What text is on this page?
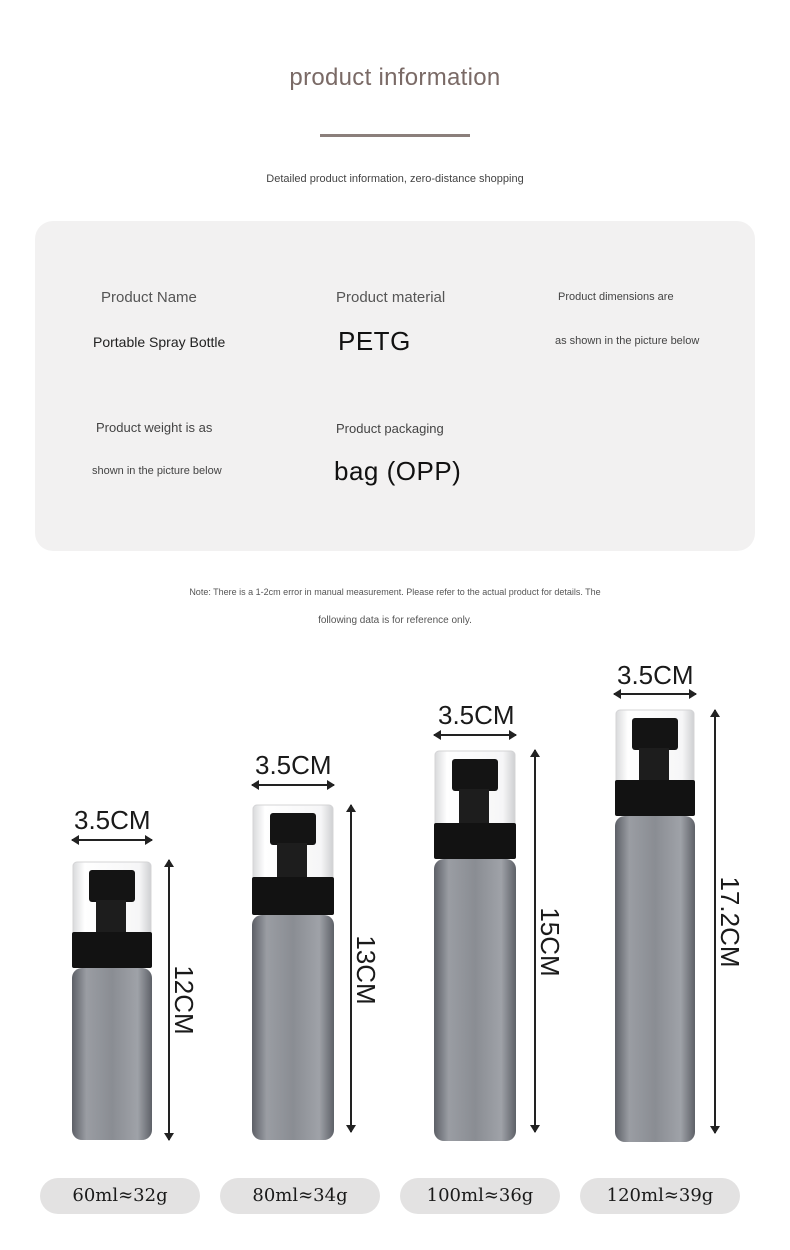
product information
Detailed product information, zero-distance shopping
Product Name
Portable Spray Bottle
Product material
PETG
Product dimensions are
as shown in the picture below
Product weight is as
shown in the picture below
Product packaging
bag (OPP)
Note: There is a 1-2cm error in manual measurement. Please refer to the actual product for details. The
following data is for reference only.
3.5CM
12CM
3.5CM
13CM
3.5CM
15CM
3.5CM
17.2CM
60ml≈32g	80ml≈34g	100ml≈36g	120ml≈39g
